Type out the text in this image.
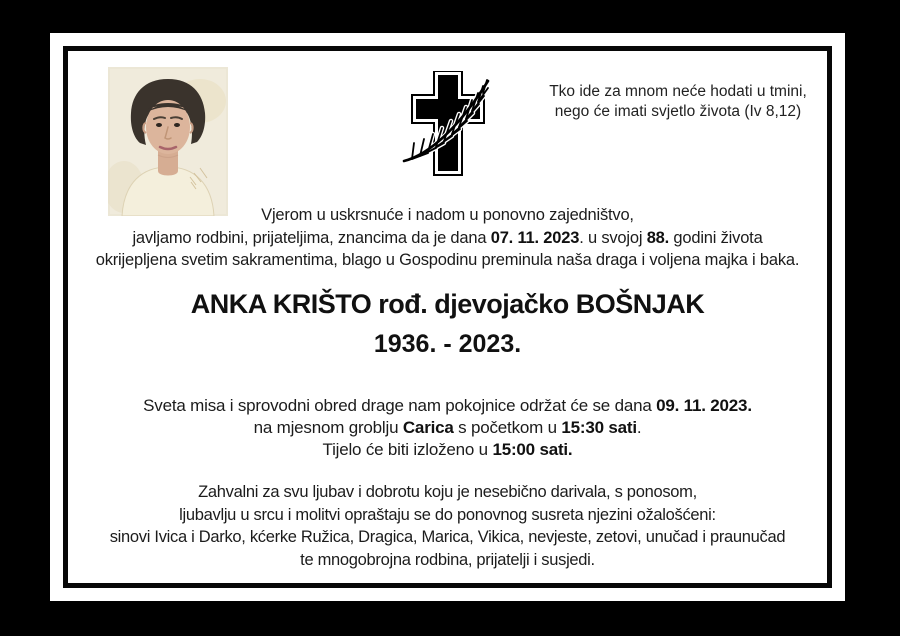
Tko ide za mnom neće hodati u tmini,
nego će imati svjetlo života (Iv 8,12)
Vjerom u uskrsnuće i nadom u ponovno zajedništvo,
javljamo rodbini, prijateljima, znancima da je dana 07. 11. 2023. u svojoj 88. godini života
okrijepljena svetim sakramentima, blago u Gospodinu preminula naša draga i voljena majka i baka.
ANKA KRIŠTO rođ. djevojačko BOŠNJAK
1936. - 2023.
Sveta misa i sprovodni obred drage nam pokojnice održat će se dana 09. 11. 2023.
na mjesnom groblju Carica s početkom u 15:30 sati.
Tijelo će biti izloženo u 15:00 sati.
Zahvalni za svu ljubav i dobrotu koju je nesebično darivala, s ponosom,
ljubavlju u srcu i molitvi opraštaju se do ponovnog susreta njezini ožalošćeni:
sinovi Ivica i Darko, kćerke Ružica, Dragica, Marica, Vikica, nevjeste, zetovi, unučad i praunučad
te mnogobrojna rodbina, prijatelji i susjedi.
